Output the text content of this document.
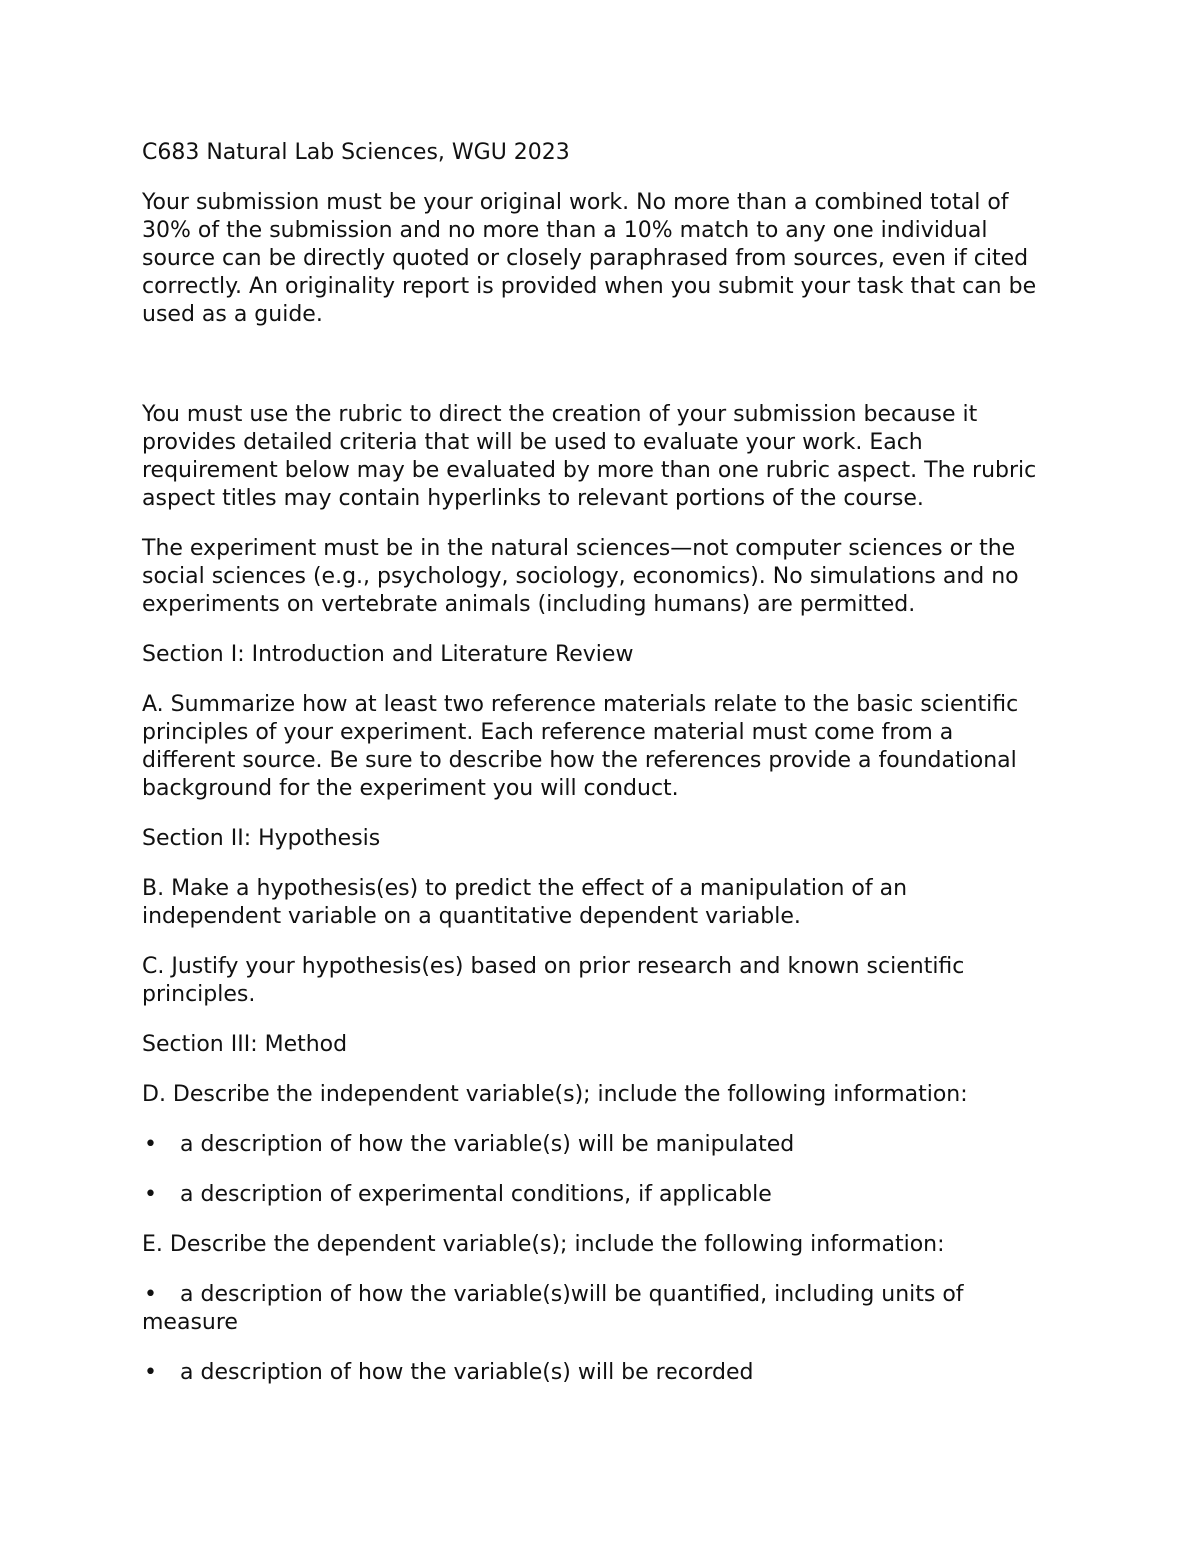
C683 Natural Lab Sciences, WGU 2023

Your submission must be your original work. No more than a combined total of 30% of the submission and no more than a 10% match to any one individual source can be directly quoted or closely paraphrased from sources, even if cited correctly. An originality report is provided when you submit your task that can be used as a guide.

You must use the rubric to direct the creation of your submission because it provides detailed criteria that will be used to evaluate your work. Each requirement below may be evaluated by more than one rubric aspect. The rubric aspect titles may contain hyperlinks to relevant portions of the course.

The experiment must be in the natural sciences—not computer sciences or the social sciences (e.g., psychology, sociology, economics). No simulations and no experiments on vertebrate animals (including humans) are permitted.

Section I: Introduction and Literature Review

A. Summarize how at least two reference materials relate to the basic scientific principles of your experiment. Each reference material must come from a different source. Be sure to describe how the references provide a foundational background for the experiment you will conduct.

Section II: Hypothesis

B. Make a hypothesis(es) to predict the effect of a manipulation of an independent variable on a quantitative dependent variable.

C. Justify your hypothesis(es) based on prior research and known scientific principles.

Section III: Method

D. Describe the independent variable(s); include the following information:

•	a description of how the variable(s) will be manipulated
•	a description of experimental conditions, if applicable

E. Describe the dependent variable(s); include the following information:

• a description of how the variable(s)will be quantified, including units of measure
•	a description of how the variable(s) will be recorded
